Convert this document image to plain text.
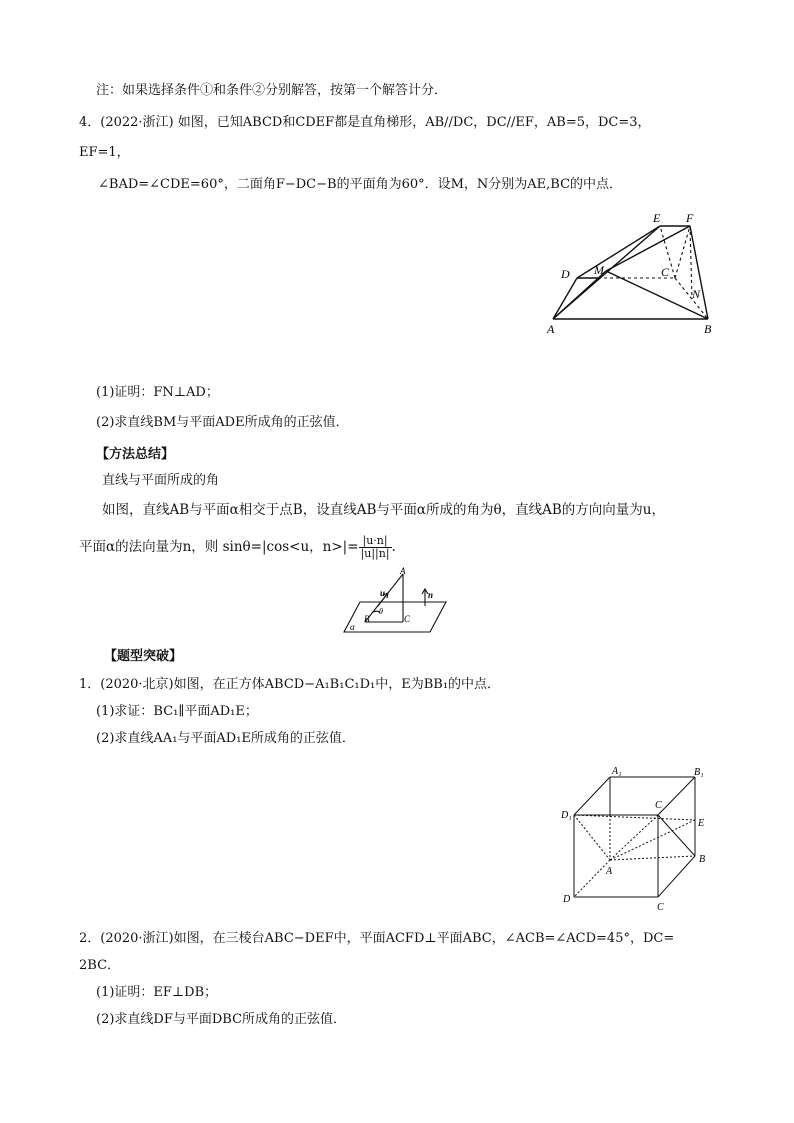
注：如果选择条件①和条件②分别解答，按第一个解答计分．
4．(2022·浙江) 如图，已知ABCD和CDEF都是直角梯形，AB//DC，DC//EF，AB=5，DC=3，
EF=1，
∠BAD=∠CDE=60°，二面角F−DC−B的平面角为60°．设M，N分别为AE,BC的中点．
E F
D M	C
N
A	B
(1)证明：FN⊥AD；
(2)求直线BM与平面ADE所成角的正弦值．
【方法总结】
直线与平面所成的角
如图，直线AB与平面α相交于点B，设直线AB与平面α所成的角为θ，直线AB的方向向量为u，
平面α的法向量为n，则 sinθ=|cos<u，$n>|= \frac{|u\cdot n|}{|u||n|}$ .
A
u	n
θ
B	C
α
【题型突破】
1．(2020·北京)如图，在正方体ABCD−A₁B₁C₁D₁中，E为BB₁的中点．
(1)求证：BC₁∥平面AD₁E；
(2)求直线AA₁与平面AD₁E所成角的正弦值．
A₁	B₁
C
D₁
E
B
A
D
C
2．(2020·浙江)如图，在三棱台ABC−DEF中，平面ACFD⊥平面ABC，∠ACB=∠ACD=45°，DC=
2BC．
(1)证明：EF⊥DB；
(2)求直线DF与平面DBC所成角的正弦值．
